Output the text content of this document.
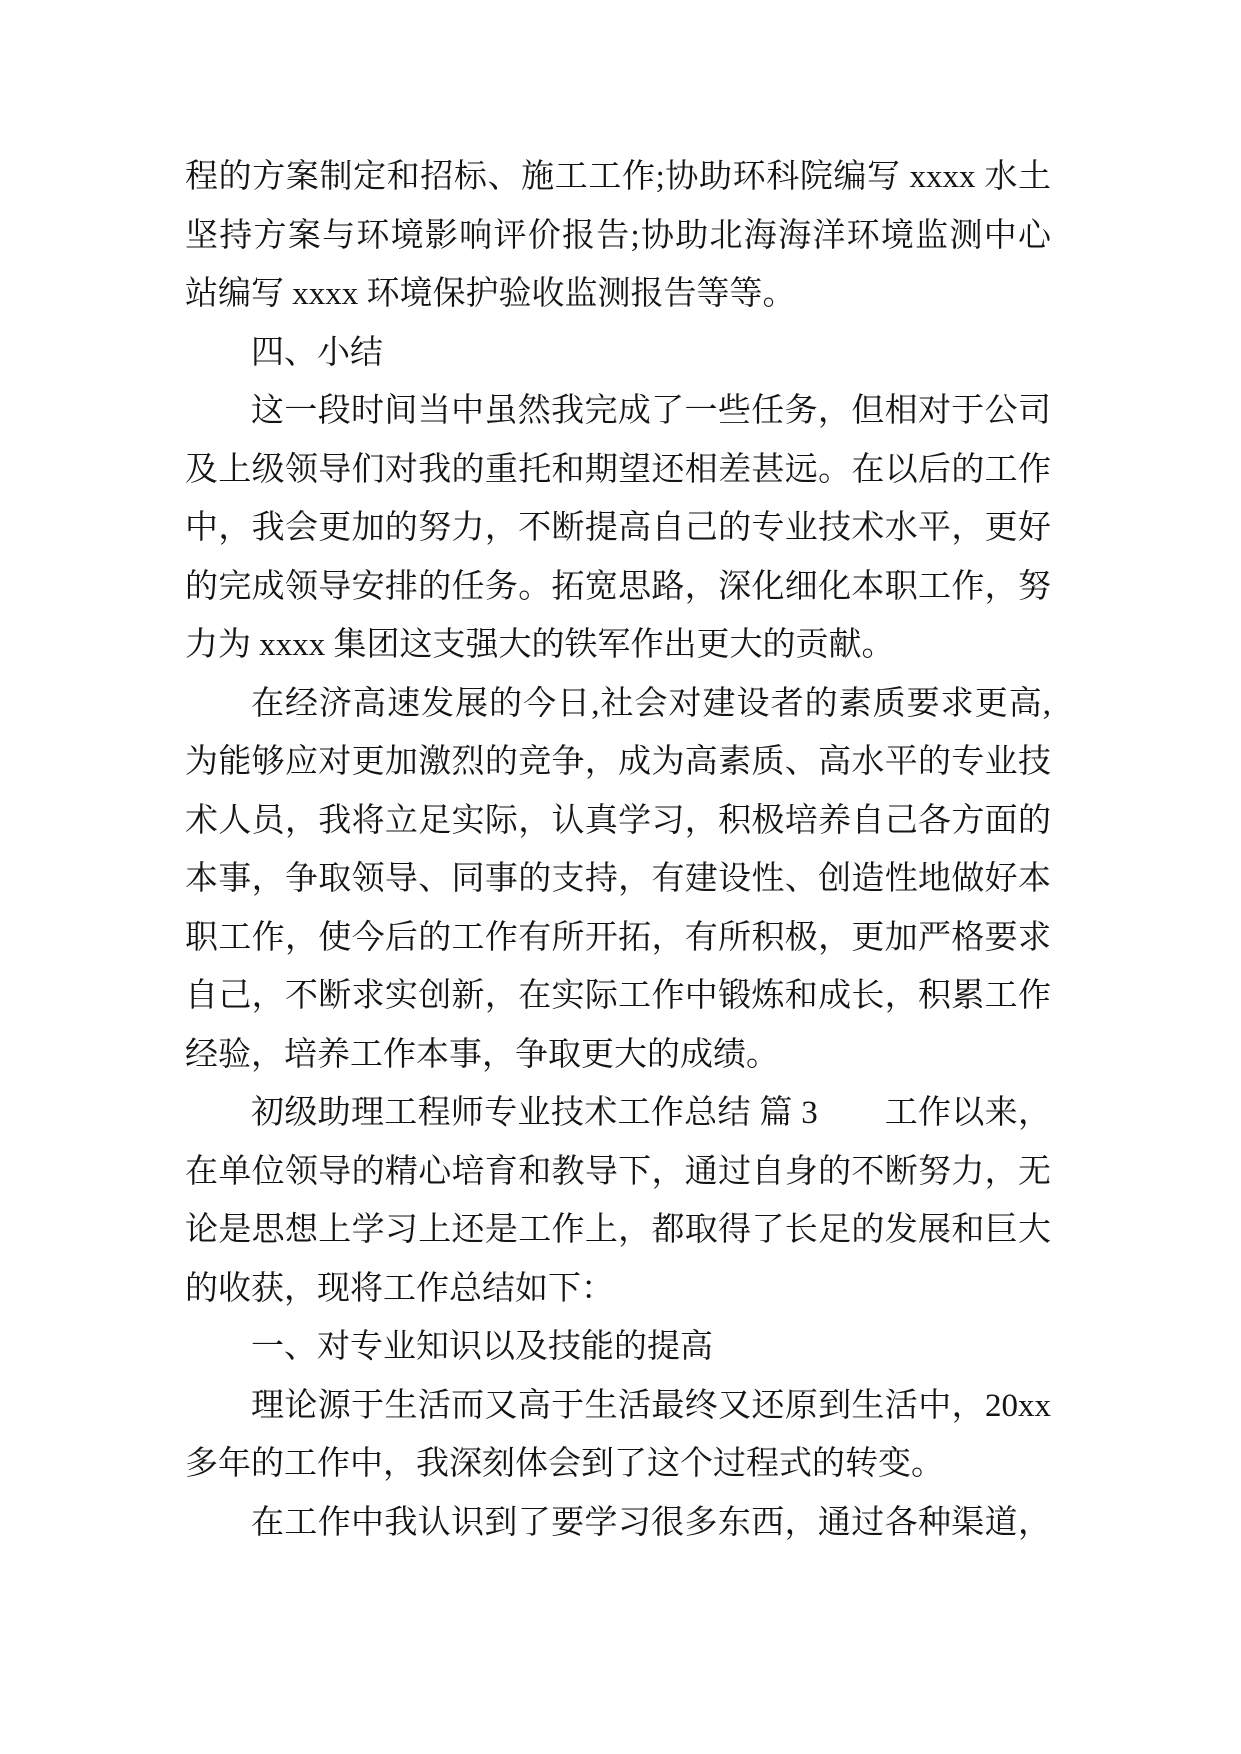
程的方案制定和招标、施工工作;协助环科院编写 xxxx 水土
坚持方案与环境影响评价报告;协助北海海洋环境监测中心
站编写 xxxx 环境保护验收监测报告等等。
四、小结
这一段时间当中虽然我完成了一些任务，但相对于公司
及上级领导们对我的重托和期望还相差甚远。在以后的工作
中，我会更加的努力，不断提高自己的专业技术水平，更好
的完成领导安排的任务。拓宽思路，深化细化本职工作，努
力为 xxxx 集团这支强大的铁军作出更大的贡献。
在经济高速发展的今日,社会对建设者的素质要求更高,
为能够应对更加激烈的竞争，成为高素质、高水平的专业技
术人员，我将立足实际，认真学习，积极培养自己各方面的
本事，争取领导、同事的支持，有建设性、创造性地做好本
职工作，使今后的工作有所开拓，有所积极，更加严格要求
自己，不断求实创新，在实际工作中锻炼和成长，积累工作
经验，培养工作本事，争取更大的成绩。
初级助理工程师专业技术工作总结 篇 3　　工作以来，
在单位领导的精心培育和教导下，通过自身的不断努力，无
论是思想上学习上还是工作上，都取得了长足的发展和巨大
的收获，现将工作总结如下：
一、对专业知识以及技能的提高
理论源于生活而又高于生活最终又还原到生活中，20xx
多年的工作中，我深刻体会到了这个过程式的转变。
在工作中我认识到了要学习很多东西，通过各种渠道，
